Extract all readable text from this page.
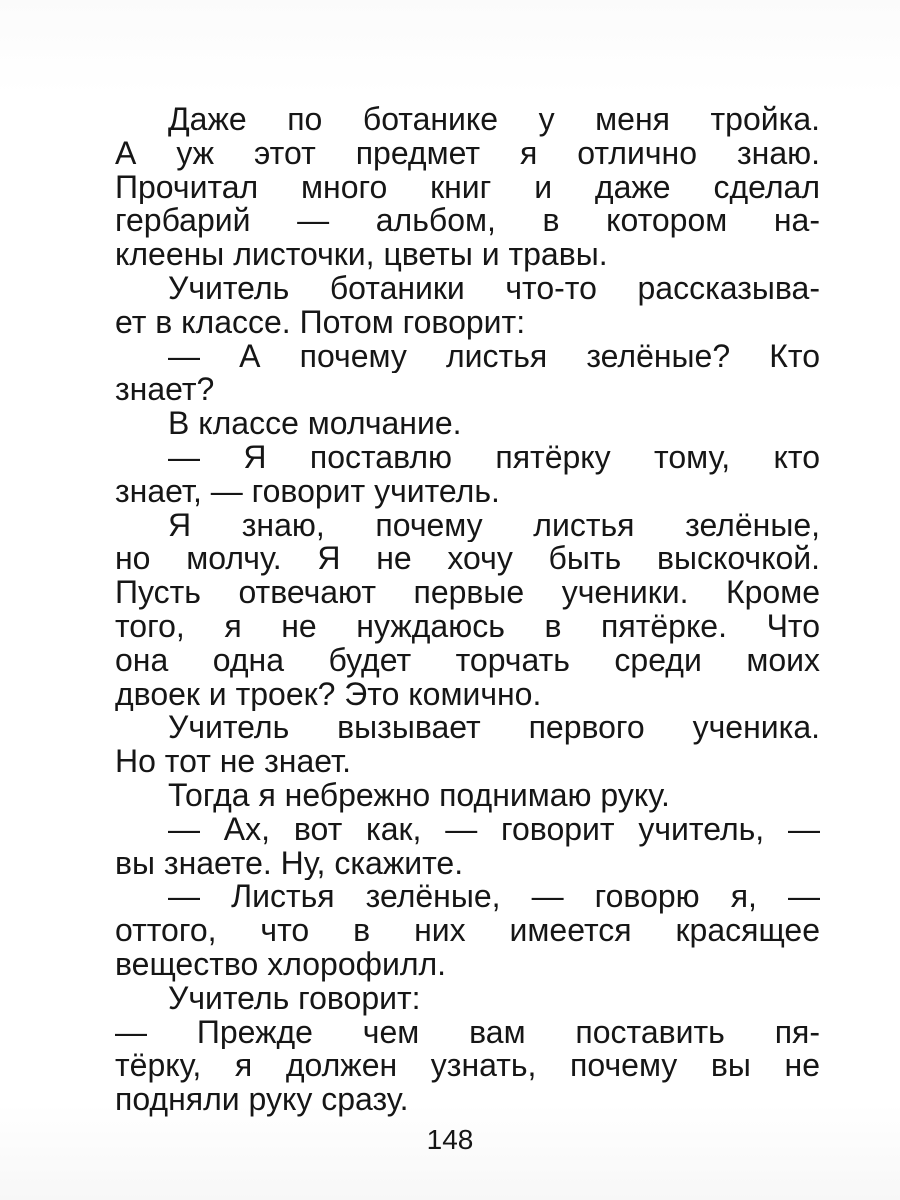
Даже по ботанике у меня тройка.
А уж этот предмет я отлично знаю.
Прочитал много книг и даже сделал
гербарий — альбом, в котором на-
клеены листочки, цветы и травы.
Учитель ботаники что-то рассказыва-
ет в классе. Потом говорит:
— А почему листья зелёные? Кто
знает?
В классе молчание.
— Я поставлю пятёрку тому, кто
знает, — говорит учитель.
Я знаю, почему листья зелёные,
но молчу. Я не хочу быть выскочкой.
Пусть отвечают первые ученики. Кроме
того, я не нуждаюсь в пятёрке. Что
она одна будет торчать среди моих
двоек и троек? Это комично.
Учитель вызывает первого ученика.
Но тот не знает.
Тогда я небрежно поднимаю руку.
— Ах, вот как, — говорит учитель, —
вы знаете. Ну, скажите.
— Листья зелёные, — говорю я, —
оттого, что в них имеется красящее
вещество хлорофилл.
Учитель говорит:
— Прежде чем вам поставить пя-
тёрку, я должен узнать, почему вы не
подняли руку сразу.
148
